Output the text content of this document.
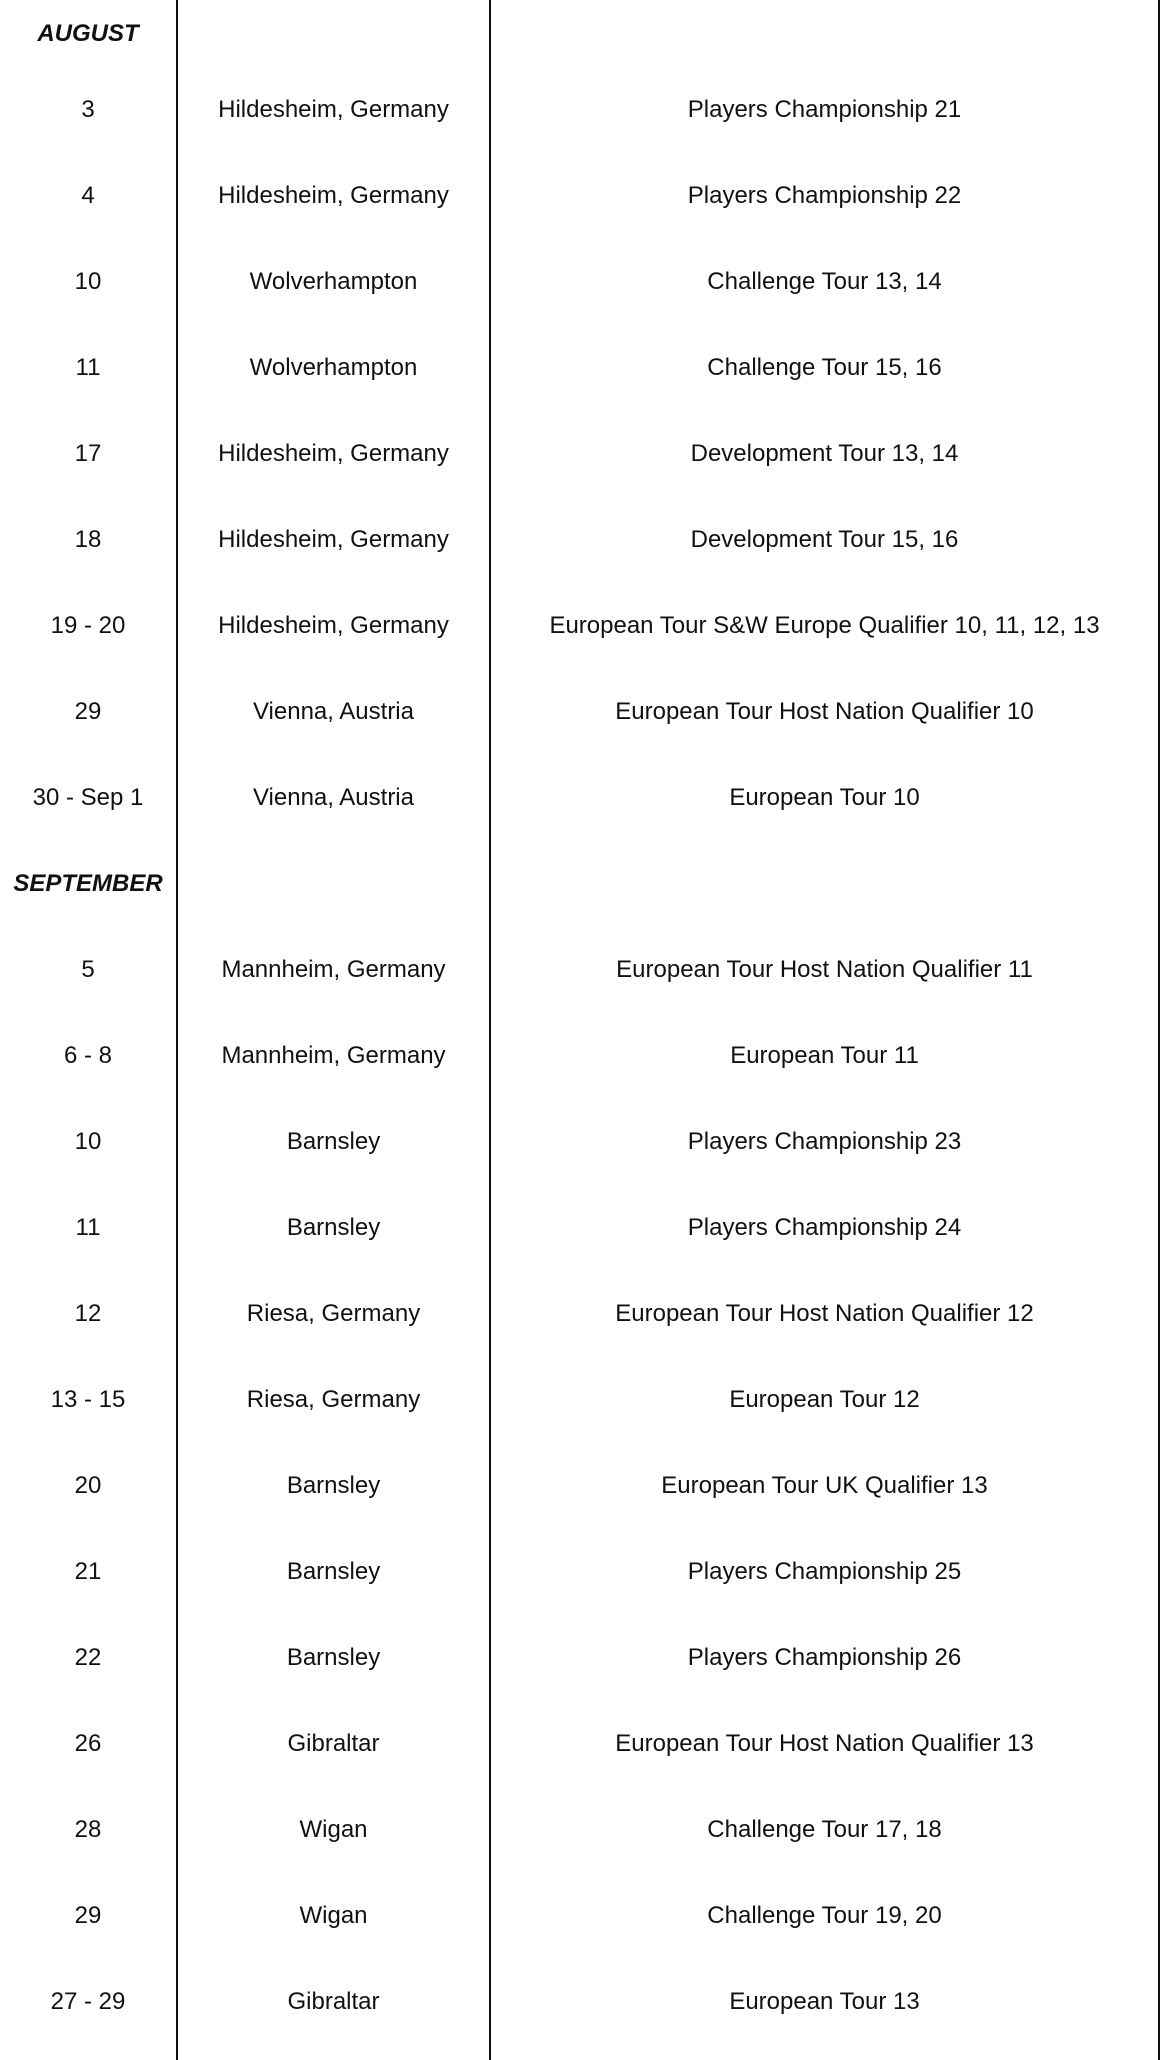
AUGUST
3	Hildesheim, Germany	Players Championship 21
4	Hildesheim, Germany	Players Championship 22
10	Wolverhampton	Challenge Tour 13, 14
11	Wolverhampton	Challenge Tour 15, 16
17	Hildesheim, Germany	Development Tour 13, 14
18	Hildesheim, Germany	Development Tour 15, 16
19 - 20	Hildesheim, Germany	European Tour S&W Europe Qualifier 10, 11, 12, 13
29	Vienna, Austria	European Tour Host Nation Qualifier 10
30 - Sep 1	Vienna, Austria	European Tour 10
SEPTEMBER
5	Mannheim, Germany	European Tour Host Nation Qualifier 11
6 - 8	Mannheim, Germany	European Tour 11
10	Barnsley	Players Championship 23
11	Barnsley	Players Championship 24
12	Riesa, Germany	European Tour Host Nation Qualifier 12
13 - 15	Riesa, Germany	European Tour 12
20	Barnsley	European Tour UK Qualifier 13
21	Barnsley	Players Championship 25
22	Barnsley	Players Championship 26
26	Gibraltar	European Tour Host Nation Qualifier 13
28	Wigan	Challenge Tour 17, 18
29	Wigan	Challenge Tour 19, 20
27 - 29	Gibraltar	European Tour 13
